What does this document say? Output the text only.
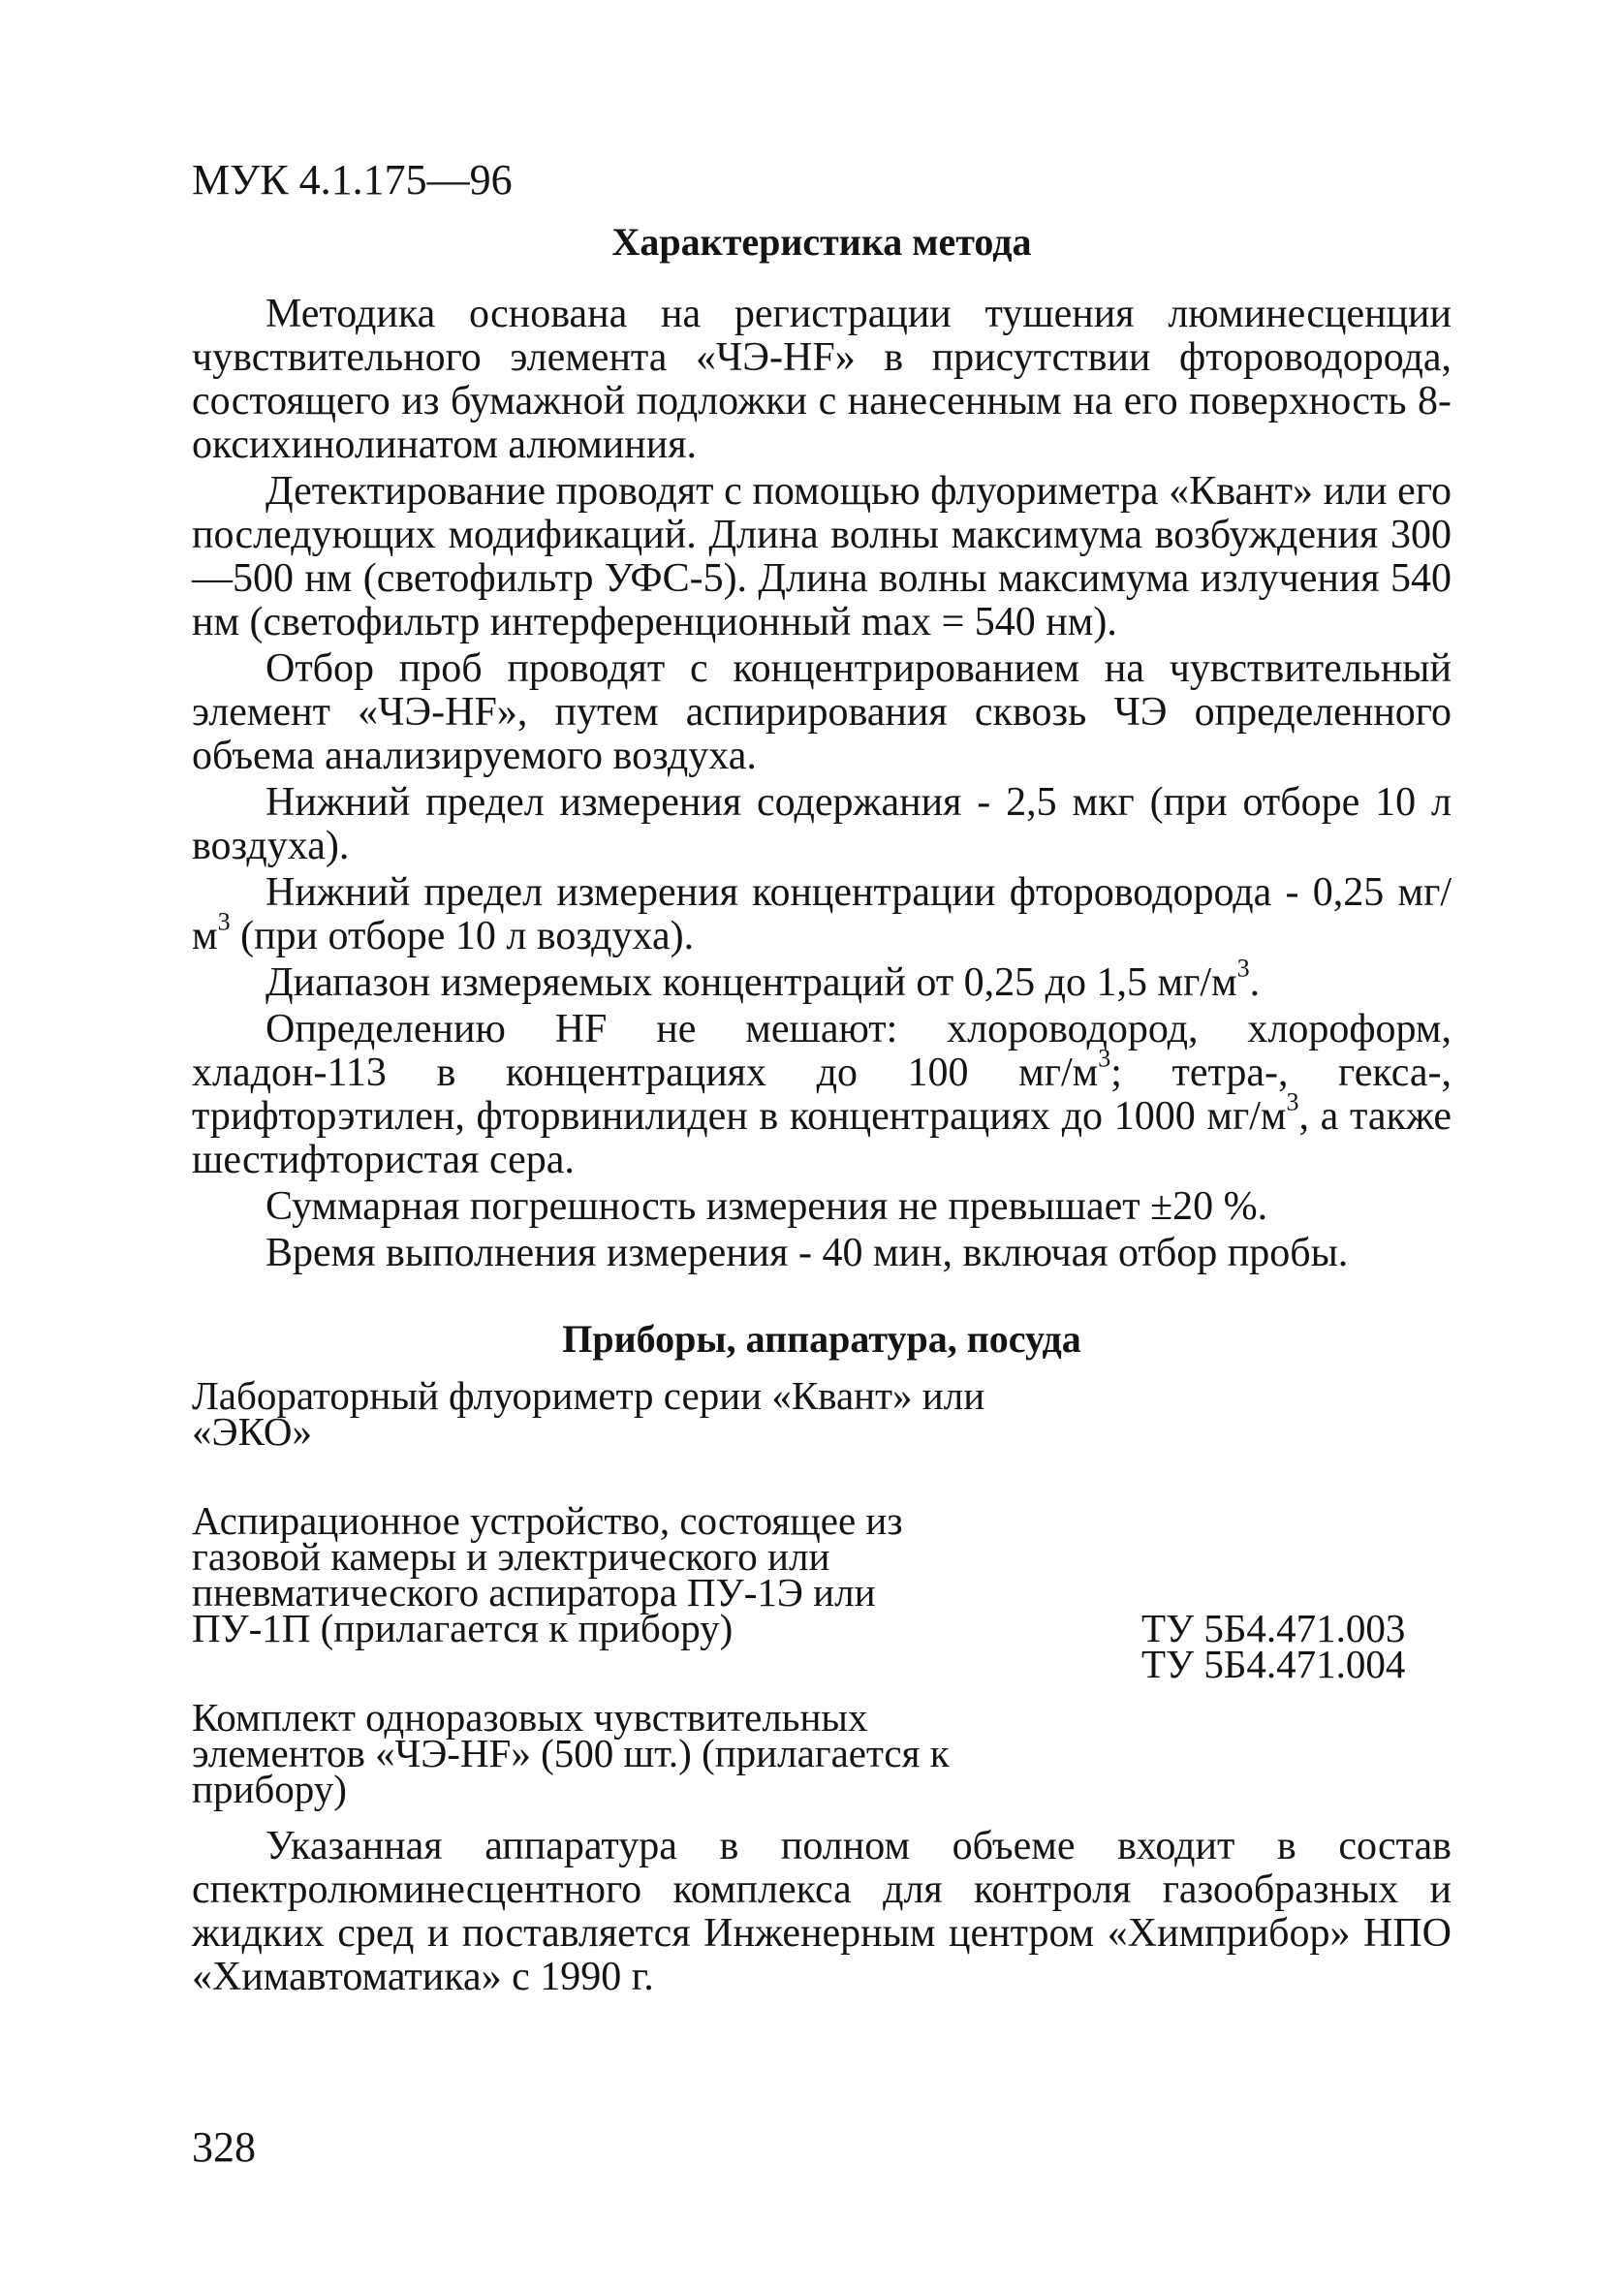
МУК 4.1.175—96
Характеристика метода

Методика основана на регистрации тушения люминесценции чувствительного элемента «ЧЭ-HF» в присутствии фтороводорода, состоящего из бумажной подложки с нанесенным на его поверхность 8-оксихинолинатом алюминия.

Детектирование проводят с помощью флуориметра «Квант» или его последующих модификаций. Длина волны максимума возбуждения 300—500 нм (светофильтр УФС-5). Длина волны максимума излучения 540 нм (светофильтр интерференционный max = 540 нм).

Отбор проб проводят с концентрированием на чувствительный элемент «ЧЭ-HF», путем аспирирования сквозь ЧЭ определенного объема анализируемого воздуха.

Нижний предел измерения содержания - 2,5 мкг (при отборе 10 л воздуха).

Нижний предел измерения концентрации фтороводорода - 0,25 $мг/м^3$ (при отборе 10 л воздуха).

Диапазон измеряемых концентраций от 0,25 до 1,5 $мг/м^3$.

Определению HF не мешают: хлороводород, хлороформ, хладон-113 в концентрациях до 100 $мг/м^3$; тетра-, гекса-, трифторэтилен, фторвинилиден в концентрациях до 1000 $мг/м^3$, а также шестифтористая сера.

Суммарная погрешность измерения не превышает ±20 %.

Время выполнения измерения - 40 мин, включая отбор пробы.

Приборы, аппаратура, посуда
Лабораторный флуориметр серии «Квант» или «ЭКО»
Аспирационное устройство, состоящее из газовой камеры и электрического или пневматического аспиратора ПУ-1Э или ПУ-1П (прилагается к прибору)	ТУ 5Б4.471.003 ТУ 5Б4.471.004
Комплект одноразовых чувствительных элементов «ЧЭ-HF» (500 шт.) (прилагается к прибору)

Указанная аппаратура в полном объеме входит в состав спектролюминесцентного комплекса для контроля газообразных и жидких сред и поставляется Инженерным центром «Химприбор» НПО «Химавтоматика» с 1990 г.

328
